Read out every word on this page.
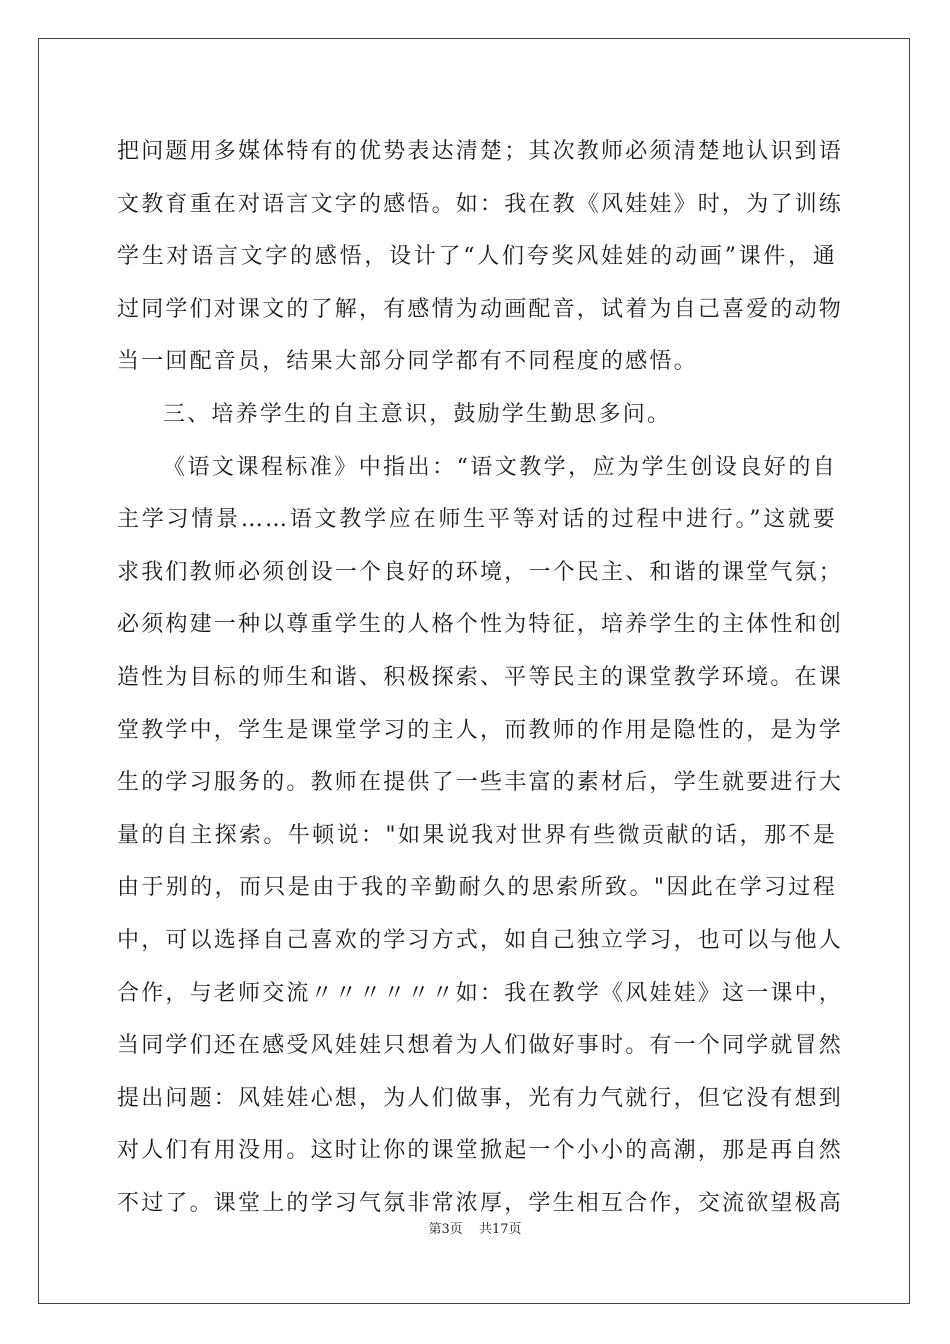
把问题用多媒体特有的优势表达清楚；其次教师必须清楚地认识到语
文教育重在对语言文字的感悟。如：我在教《风娃娃》时，为了训练
学生对语言文字的感悟，设计了“人们夸奖风娃娃的动画”课件，通
过同学们对课文的了解，有感情为动画配音，试着为自己喜爱的动物
当一回配音员，结果大部分同学都有不同程度的感悟。
三、培养学生的自主意识，鼓励学生勤思多问。
《语文课程标准》中指出：“语文教学，应为学生创设良好的自
主学习情景……语文教学应在师生平等对话的过程中进行。”这就要
求我们教师必须创设一个良好的环境，一个民主、和谐的课堂气氛；
必须构建一种以尊重学生的人格个性为特征，培养学生的主体性和创
造性为目标的师生和谐、积极探索、平等民主的课堂教学环境。在课
堂教学中，学生是课堂学习的主人，而教师的作用是隐性的，是为学
生的学习服务的。教师在提供了一些丰富的素材后，学生就要进行大
量的自主探索。牛顿说："如果说我对世界有些微贡献的话，那不是
由于别的，而只是由于我的辛勤耐久的思索所致。"因此在学习过程
中，可以选择自己喜欢的学习方式，如自己独立学习，也可以与他人
合作，与老师交流〃〃〃〃〃〃如：我在教学《风娃娃》这一课中，
当同学们还在感受风娃娃只想着为人们做好事时。有一个同学就冒然
提出问题：风娃娃心想，为人们做事，光有力气就行，但它没有想到
对人们有用没用。这时让你的课堂掀起一个小小的高潮，那是再自然
不过了。课堂上的学习气氛非常浓厚，学生相互合作，交流欲望极高
第3页 共17页
